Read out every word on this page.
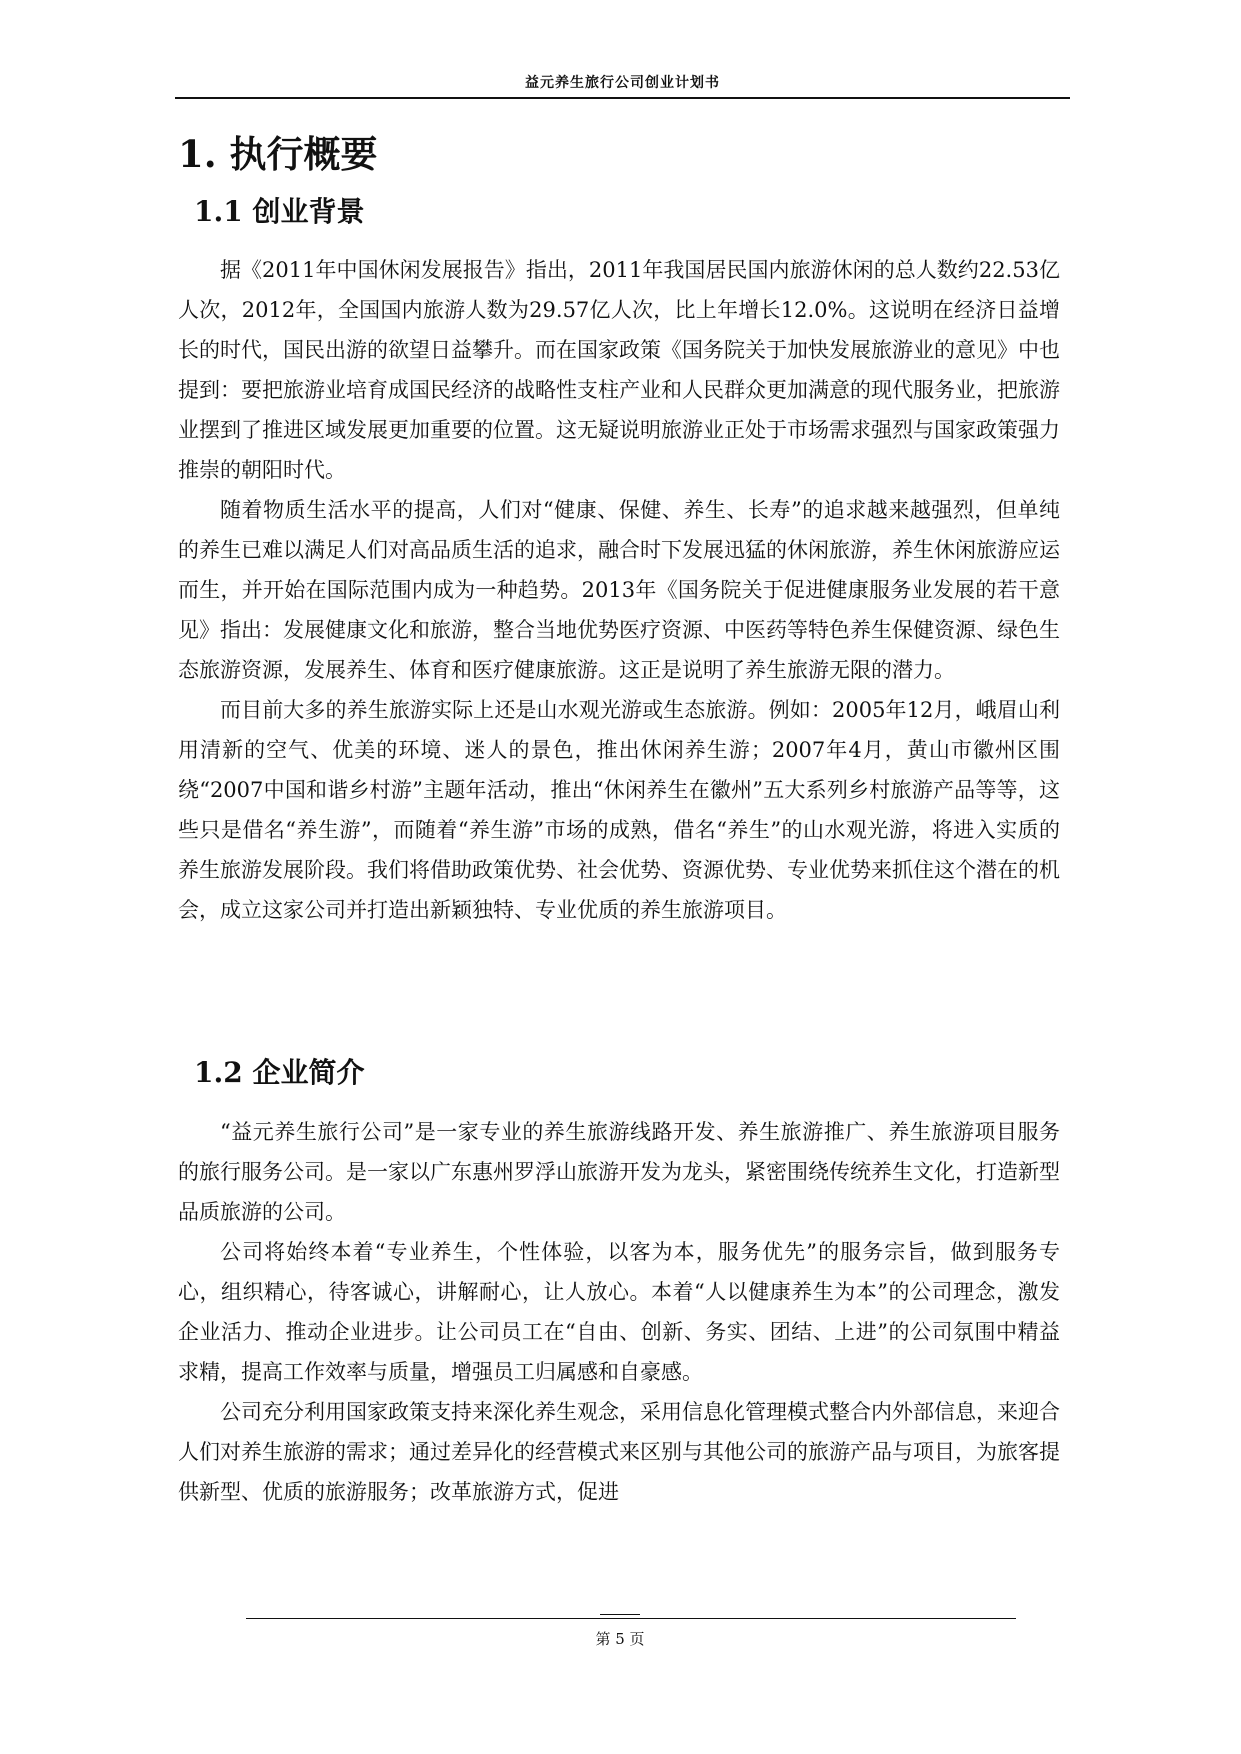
益元养生旅行公司创业计划书
1. 执行概要
1.1 创业背景

据《2011年中国休闲发展报告》指出，2011年我国居民国内旅游休闲的总人数约22.53亿人次，2012年，全国国内旅游人数为29.57亿人次，比上年增长12.0%。这说明在经济日益增长的时代，国民出游的欲望日益攀升。而在国家政策《国务院关于加快发展旅游业的意见》中也提到：要把旅游业培育成国民经济的战略性支柱产业和人民群众更加满意的现代服务业，把旅游业摆到了推进区域发展更加重要的位置。这无疑说明旅游业正处于市场需求强烈与国家政策强力推崇的朝阳时代。

随着物质生活水平的提高，人们对“健康、保健、养生、长寿”的追求越来越强烈，但单纯的养生已难以满足人们对高品质生活的追求，融合时下发展迅猛的休闲旅游，养生休闲旅游应运而生，并开始在国际范围内成为一种趋势。2013年《国务院关于促进健康服务业发展的若干意见》指出：发展健康文化和旅游，整合当地优势医疗资源、中医药等特色养生保健资源、绿色生态旅游资源，发展养生、体育和医疗健康旅游。这正是说明了养生旅游无限的潜力。

而目前大多的养生旅游实际上还是山水观光游或生态旅游。例如：2005年12月，峨眉山利用清新的空气、优美的环境、迷人的景色，推出休闲养生游；2007年4月，黄山市徽州区围绕“2007中国和谐乡村游”主题年活动，推出“休闲养生在徽州”五大系列乡村旅游产品等等，这些只是借名“养生游”，而随着“养生游”市场的成熟，借名“养生”的山水观光游，将进入实质的养生旅游发展阶段。我们将借助政策优势、社会优势、资源优势、专业优势来抓住这个潜在的机会，成立这家公司并打造出新颖独特、专业优质的养生旅游项目。

1.2 企业简介

“益元养生旅行公司”是一家专业的养生旅游线路开发、养生旅游推广、养生旅游项目服务的旅行服务公司。是一家以广东惠州罗浮山旅游开发为龙头，紧密围绕传统养生文化，打造新型品质旅游的公司。

公司将始终本着“专业养生，个性体验，以客为本，服务优先”的服务宗旨，做到服务专心，组织精心，待客诚心，讲解耐心，让人放心。本着“人以健康养生为本”的公司理念，激发企业活力、推动企业进步。让公司员工在“自由、创新、务实、团结、上进”的公司氛围中精益求精，提高工作效率与质量，增强员工归属感和自豪感。

公司充分利用国家政策支持来深化养生观念，采用信息化管理模式整合内外部信息，来迎合人们对养生旅游的需求；通过差异化的经营模式来区别与其他公司的旅游产品与项目，为旅客提供新型、优质的旅游服务；改革旅游方式，促进

第 5 页
